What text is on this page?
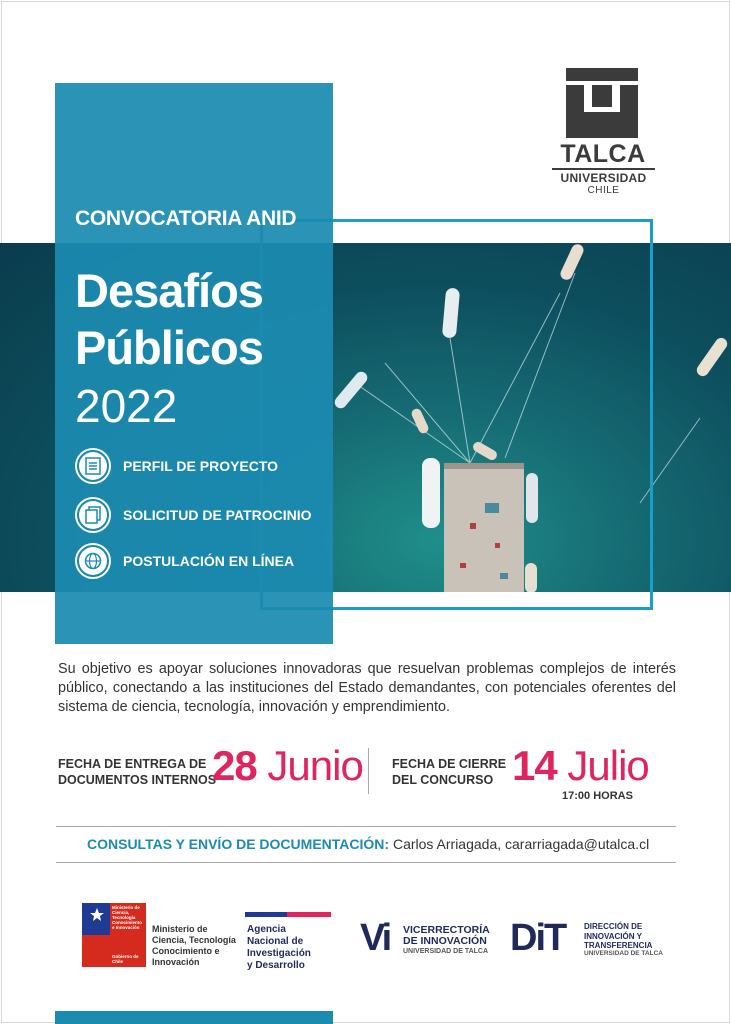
CONVOCATORIA ANID
Desafíos
Públicos
2022
PERFIL DE PROYECTO
SOLICITUD DE PATROCINIO
POSTULACIÓN EN LÍNEA
TALCA
UNIVERSIDAD
CHILE

Su objetivo es apoyar soluciones innovadoras que resuelvan problemas complejos de interés público, conectando a las instituciones del Estado demandantes, con potenciales oferentes del sistema de ciencia, tecnología, innovación y emprendimiento.

FECHA DE ENTREGA DE
DOCUMENTOS INTERNOS
28 Junio FECHA DE CIERRE
DEL CONCURSO 14 Julio
17:00 HORAS
CONSULTAS Y ENVÍO DE DOCUMENTACIÓN: Carlos Arriagada, cararriagada@utalca.cl
Ministerio de
Ciencia,
Tecnología
Conocimiento
e Innovación
Gobierno de Chile
Ministerio de
Ciencia, Tecnología
Conocimiento e
Innovación
Agencia
Nacional de
Investigación
y Desarrollo
Vi VICERRECTORÍA
DE INNOVACIÓN
UNIVERSIDAD DE TALCA DiT DIRECCIÓN DE
INNOVACIÓN Y
TRANSFERENCIA
UNIVERSIDAD DE TALCA
